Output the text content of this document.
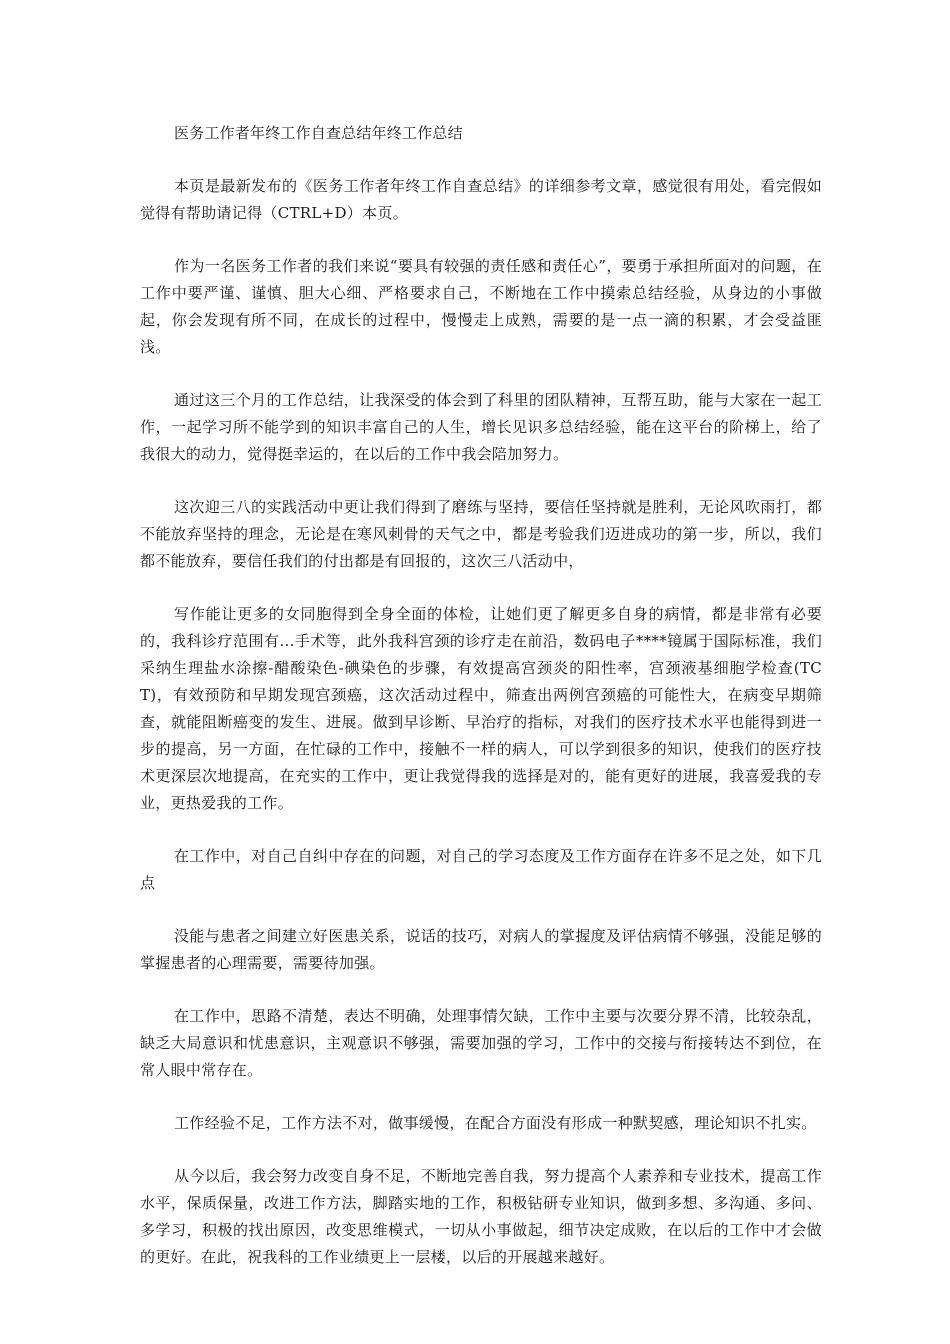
医务工作者年终工作自查总结年终工作总结

本页是最新发布的《医务工作者年终工作自查总结》的详细参考文章，感觉很有用处，看完假如觉得有帮助请记得（CTRL+D）本页。

作为一名医务工作者的我们来说“要具有较强的责任感和责任心”，要勇于承担所面对的问题，在工作中要严谨、谨慎、胆大心细、严格要求自己，不断地在工作中摸索总结经验，从身边的小事做起，你会发现有所不同，在成长的过程中，慢慢走上成熟，需要的是一点一滴的积累，才会受益匪浅。

通过这三个月的工作总结，让我深受的体会到了科里的团队精神，互帮互助，能与大家在一起工作，一起学习所不能学到的知识丰富自己的人生，增长见识多总结经验，能在这平台的阶梯上，给了我很大的动力，觉得挺幸运的，在以后的工作中我会陪加努力。

这次迎三八的实践活动中更让我们得到了磨练与坚持，要信任坚持就是胜利，无论风吹雨打，都不能放弃坚持的理念，无论是在寒风刺骨的天气之中，都是考验我们迈进成功的第一步，所以，我们都不能放弃，要信任我们的付出都是有回报的，这次三八活动中，

写作能让更多的女同胞得到全身全面的体检，让她们更了解更多自身的病情，都是非常有必要的，我科诊疗范围有...手术等，此外我科宫颈的诊疗走在前沿，数码电子****镜属于国际标准，我们采纳生理盐水涂擦-醋酸染色-碘染色的步骤，有效提高宫颈炎的阳性率，宫颈液基细胞学检查(TCT)，有效预防和早期发现宫颈癌，这次活动过程中，筛查出两例宫颈癌的可能性大，在病变早期筛查，就能阻断癌变的发生、进展。做到早诊断、早治疗的指标，对我们的医疗技术水平也能得到进一步的提高，另一方面，在忙碌的工作中，接触不一样的病人，可以学到很多的知识，使我们的医疗技术更深层次地提高，在充实的工作中，更让我觉得我的选择是对的，能有更好的进展，我喜爱我的专业，更热爱我的工作。

在工作中，对自己自纠中存在的问题，对自己的学习态度及工作方面存在许多不足之处，如下几点

没能与患者之间建立好医患关系，说话的技巧，对病人的掌握度及评估病情不够强，没能足够的掌握患者的心理需要，需要待加强。

在工作中，思路不清楚，表达不明确，处理事情欠缺，工作中主要与次要分界不清，比较杂乱，缺乏大局意识和忧患意识，主观意识不够强，需要加强的学习，工作中的交接与衔接转达不到位，在常人眼中常存在。

工作经验不足，工作方法不对，做事缓慢，在配合方面没有形成一种默契感，理论知识不扎实。

从今以后，我会努力改变自身不足，不断地完善自我，努力提高个人素养和专业技术，提高工作水平，保质保量，改进工作方法，脚踏实地的工作，积极钻研专业知识，做到多想、多沟通、多问、多学习，积极的找出原因，改变思维模式，一切从小事做起，细节决定成败，在以后的工作中才会做的更好。在此，祝我科的工作业绩更上一层楼，以后的开展越来越好。
